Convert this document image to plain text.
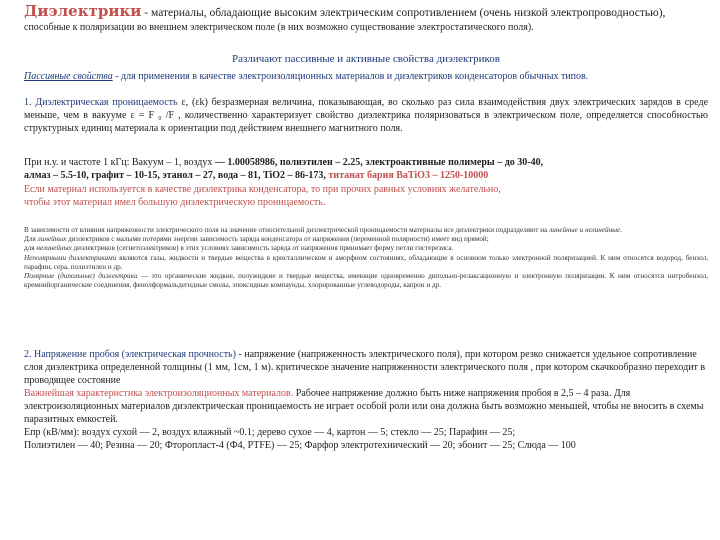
Диэлектрики - материалы, обладающие высоким электрическим сопротивлением (очень низкой электропроводностью),
способные к поляризации во внешнем электрическом поле (в них возможно существование электростатического поля).
Различают пассивные и активные свойства диэлектриков
Пассивные свойства - для применения в качестве электроизоляционных материалов и диэлектриков конденсаторов обычных типов.
1. Диэлектрическая проницаемость ε, (εk) безразмерная величина, показывающая, во сколько раз сила взаимодействия двух электрических зарядов в среде меньше, чем в вакууме ε = F ₀ /F , количественно характеризует свойство диэлектрика поляризоваться в электрическом поле, определяется способностью структурных единиц материала к ориентации под действием внешнего магнитного поля.
При н.у. и частоте 1 кГц: Вакуум – 1, воздух — 1.00058986, полиэтилен – 2.25, электроактивные полимеры – до 30-40,
алмаз – 5.5-10, графит – 10-15, этанол – 27, вода – 81, TiO2 – 86-173, титанат бария BaTiO3 – 1250-10000
Если материал используется в качестве диэлектрика конденсатора, то при прочих равных условиях желательно,
чтобы этот материал имел большую диэлектрическую проницаемость.
В зависимости от влияния напряженности электрического поля на значение относительной диэлектрической проницаемости материалы все диэлектрики подразделяют на линейные и нелинейные.
Для линейных диэлектриков с малыми потерями энергии зависимость заряда конденсатора от напряжения (переменной полярности) имеет вид прямой;
для нелинейных диэлектриков (сегнетоэлектриков) в этих условиях зависимость заряда от напряжения принимает форму петли гистерезиса.
Неполярными диэлектриками являются газы, жидкости и твердые вещества в кристаллическом и аморфном состояниях, обладающие в основном только электронной поляризацией. К ним относятся водород, бензол, парафин, сера, полиэтилен и др.
Полярные (дипольные) диэлектрики — это органические жидкие, полужидкие и твердые вещества, имеющие одновременно дипольно-релаксационную и электронную поляризации. К ним относятся нитробензол, кремнийорганические соединения, фенолформальдегидные смолы, эпоксидные компаунды, хлорированные углеводороды, капрон и др.
2. Напряжение пробоя (электрическая прочность) - напряжение (напряженность электрического поля), при котором резко снижается удельное сопротивление слоя диэлектрика определенной толщины (1 мм, 1см, 1 м). критическое значение напряженности электрического поля , при котором скачкообразно переходит в проводящее состояние
Важнейшая характеристика электроизоляционных материалов. Рабочее напряжение должно быть ниже напряжения пробоя в 2,5 – 4 раза. Для электроизоляционных материалов диэлектрическая проницаемость не играет особой роли или она должна быть возможно меньшей, чтобы не вносить в схемы паразитных емкостей.
Епр (кВ/мм): воздух сухой — 2, воздух влажный ~0.1; дерево сухое — 4, картон — 5; стекло — 25; Парафин — 25;
Полиэтилен — 40; Резина — 20; Фторопласт-4 (Ф4, PTFE) — 25; Фарфор электротехнический — 20; эбонит — 25; Слюда — 100
